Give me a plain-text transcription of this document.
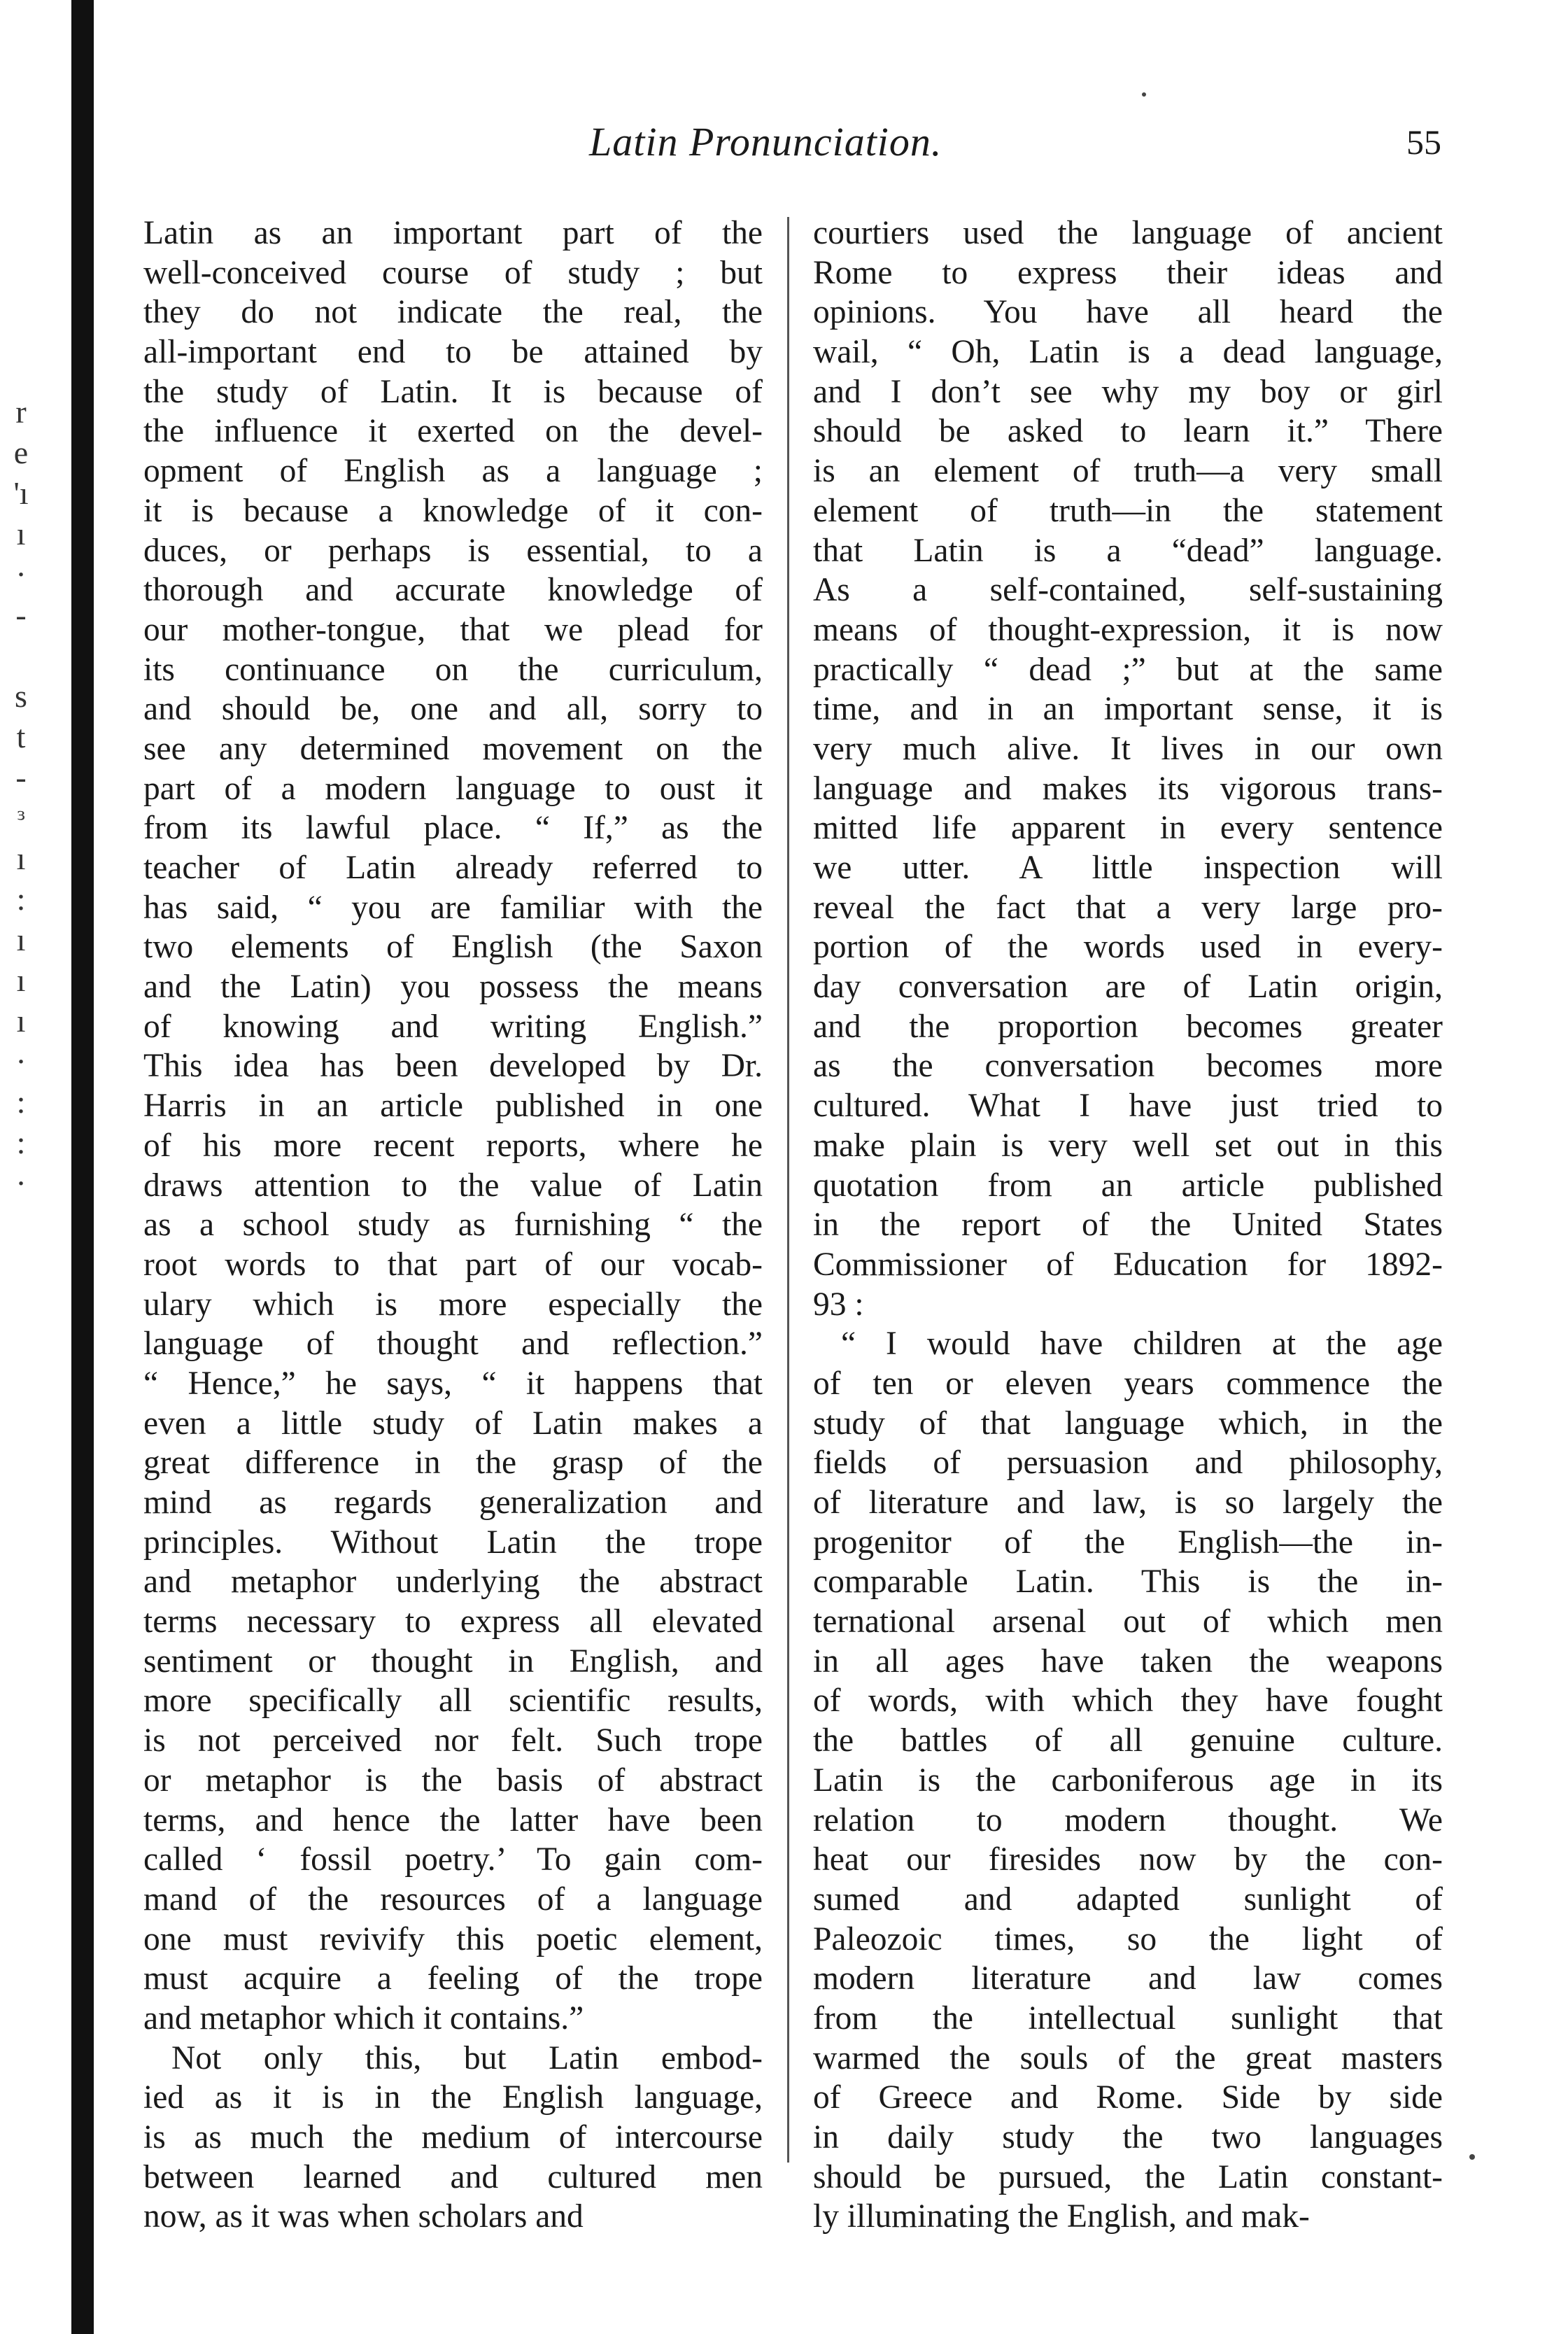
r
e
'ı
ı
·
-
s
t
-
ᵌ
ı
:
ı
ı
ı
·
:
:
·
Latin Pronunciation.	55
Latin as an important part of the
well-conceived course of study ; but
they do not indicate the real, the
all-important end to be attained by
the study of Latin. It is because of
the influence it exerted on the devel-
opment of English as a language ;
it is because a knowledge of it con-
duces, or perhaps is essential, to a
thorough and accurate knowledge of
our mother-tongue, that we plead for
its continuance on the curriculum,
and should be, one and all, sorry to
see any determined movement on the
part of a modern language to oust it
from its lawful place. “ If,” as the
teacher of Latin already referred to
has said, “ you are familiar with the
two elements of English (the Saxon
and the Latin) you possess the means
of knowing and writing English.”
This idea has been developed by Dr.
Harris in an article published in one
of his more recent reports, where he
draws attention to the value of Latin
as a school study as furnishing “ the
root words to that part of our vocab-
ulary which is more especially the
language of thought and reflection.”
“ Hence,” he says, “ it happens that
even a little study of Latin makes a
great difference in the grasp of the
mind as regards generalization and
principles. Without Latin the trope
and metaphor underlying the abstract
terms necessary to express all elevated
sentiment or thought in English, and
more specifically all scientific results,
is not perceived nor felt. Such trope
or metaphor is the basis of abstract
terms, and hence the latter have been
called ‘ fossil poetry.’ To gain com-
mand of the resources of a language
one must revivify this poetic element,
must acquire a feeling of the trope
and metaphor which it contains.”
Not only this, but Latin embod-
ied as it is in the English language,
is as much the medium of intercourse
between learned and cultured men
now, as it was when scholars and
courtiers used the language of ancient
Rome to express their ideas and
opinions. You have all heard the
wail, “ Oh, Latin is a dead language,
and I don’t see why my boy or girl
should be asked to learn it.” There
is an element of truth—a very small
element of truth—in the statement
that Latin is a “dead” language.
As a self-contained, self-sustaining
means of thought-expression, it is now
practically “ dead ;” but at the same
time, and in an important sense, it is
very much alive. It lives in our own
language and makes its vigorous trans-
mitted life apparent in every sentence
we utter. A little inspection will
reveal the fact that a very large pro-
portion of the words used in every-
day conversation are of Latin origin,
and the proportion becomes greater
as the conversation becomes more
cultured. What I have just tried to
make plain is very well set out in this
quotation from an article published
in the report of the United States
Commissioner of Education for 1892-
93 :
“ I would have children at the age
of ten or eleven years commence the
study of that language which, in the
fields of persuasion and philosophy,
of literature and law, is so largely the
progenitor of the English—the in-
comparable Latin. This is the in-
ternational arsenal out of which men
in all ages have taken the weapons
of words, with which they have fought
the battles of all genuine culture.
Latin is the carboniferous age in its
relation to modern thought. We
heat our firesides now by the con-
sumed and adapted sunlight of
Paleozoic times, so the light of
modern literature and law comes
from the intellectual sunlight that
warmed the souls of the great masters
of Greece and Rome. Side by side
in daily study the two languages
should be pursued, the Latin constant-
ly illuminating the English, and mak-
